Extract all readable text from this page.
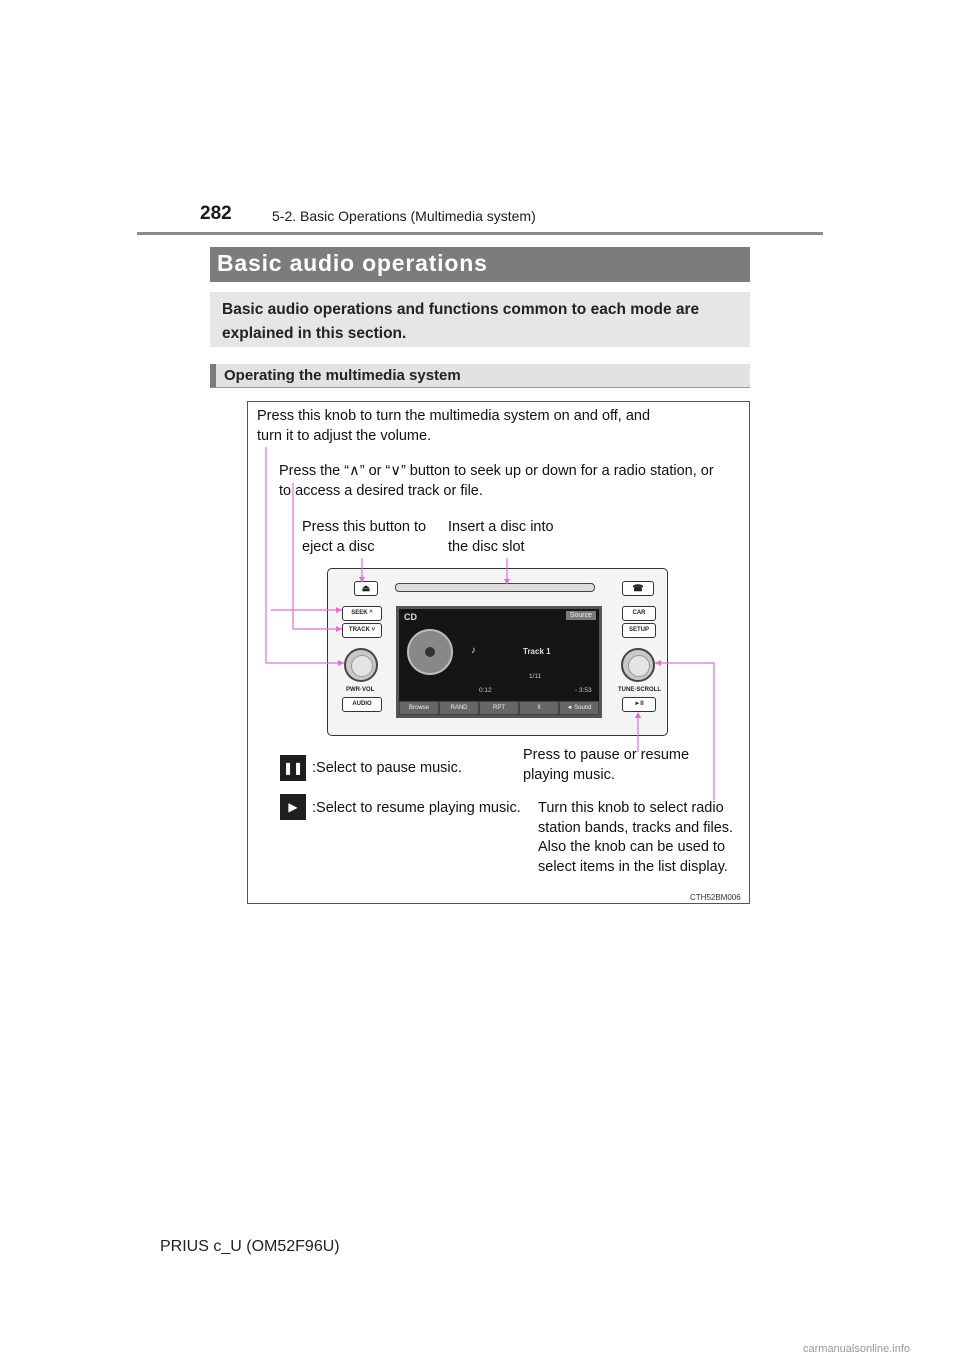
282	5-2. Basic Operations (Multimedia system)
Basic audio operations
Basic audio operations and functions common to each mode are explained in this section.
Operating the multimedia system
Press this knob to turn the multimedia system on and off, and turn it to adjust the volume.
Press the “∧” or “∨” button to seek up or down for a radio station, or to access a desired track or file.
Press this button to eject a disc
Insert a disc into the disc slot
⏏	☎
SEEK ^
TRACK ˅
PWR·VOL
AUDIO
CAR
SETUP
TUNE·SCROLL
►II
CD	Source
♪	Track 1
1/11
0:12	- 3:53
Browse	RAND	RPT	II	◄ Sound
Press to pause or resume playing music.
❚❚ :Select to pause music.
▶ :Select to resume playing music.	Turn this knob to select radio station bands, tracks and files. Also the knob can be used to select items in the list display.
CTH52BM006
PRIUS c_U (OM52F96U)
carmanualsonline.info
